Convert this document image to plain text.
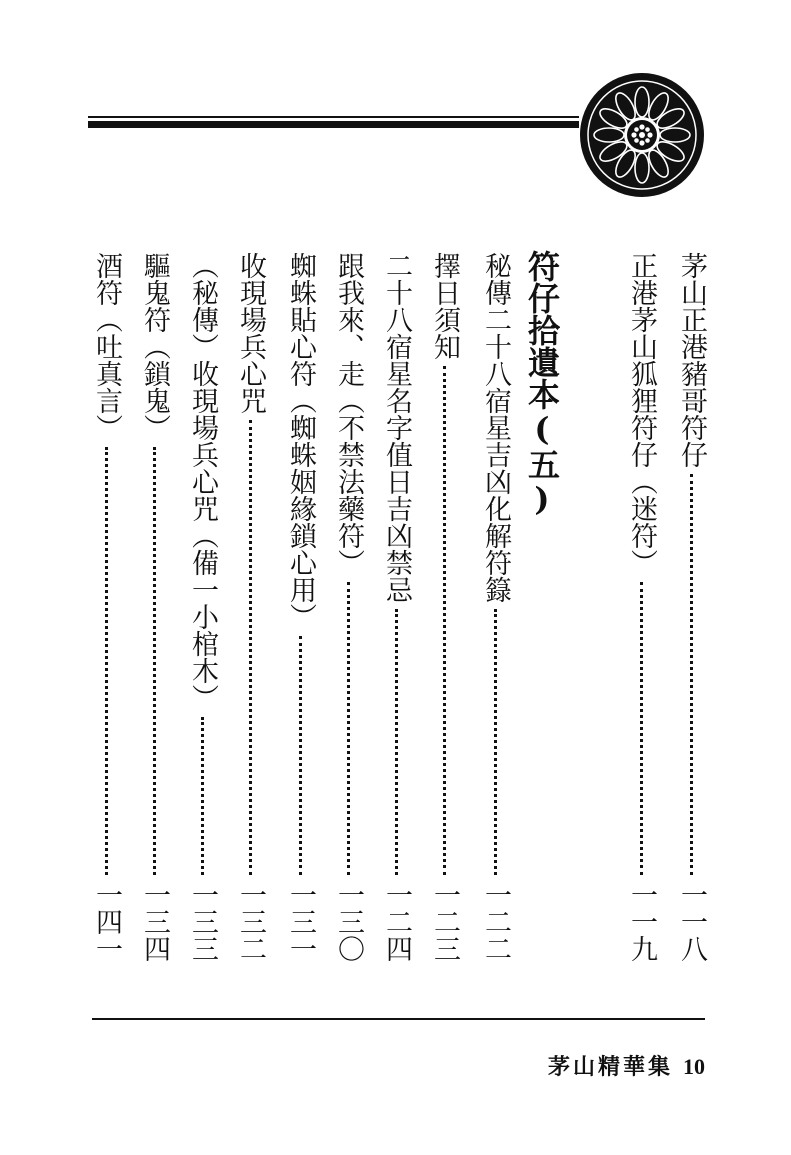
茅山正港豬哥符仔
一一八
正港茅山狐狸符仔（迷符）
一一九
符仔拾遺本(五)
秘傳二十八宿星吉凶化解符籙
一二二
擇日須知
一二三
二十八宿星名字值日吉凶禁忌
一二四
跟我來、走（不禁法藥符）
一三〇
蜘蛛貼心符（蜘蛛姻緣鎖心用）
一三一
收現場兵心咒
一三二
（秘傳）收現場兵心咒（備一小棺木）
一三三
驅鬼符（鎖鬼）
一三四
酒符（吐真言）
一四一
茅山精華集 10
